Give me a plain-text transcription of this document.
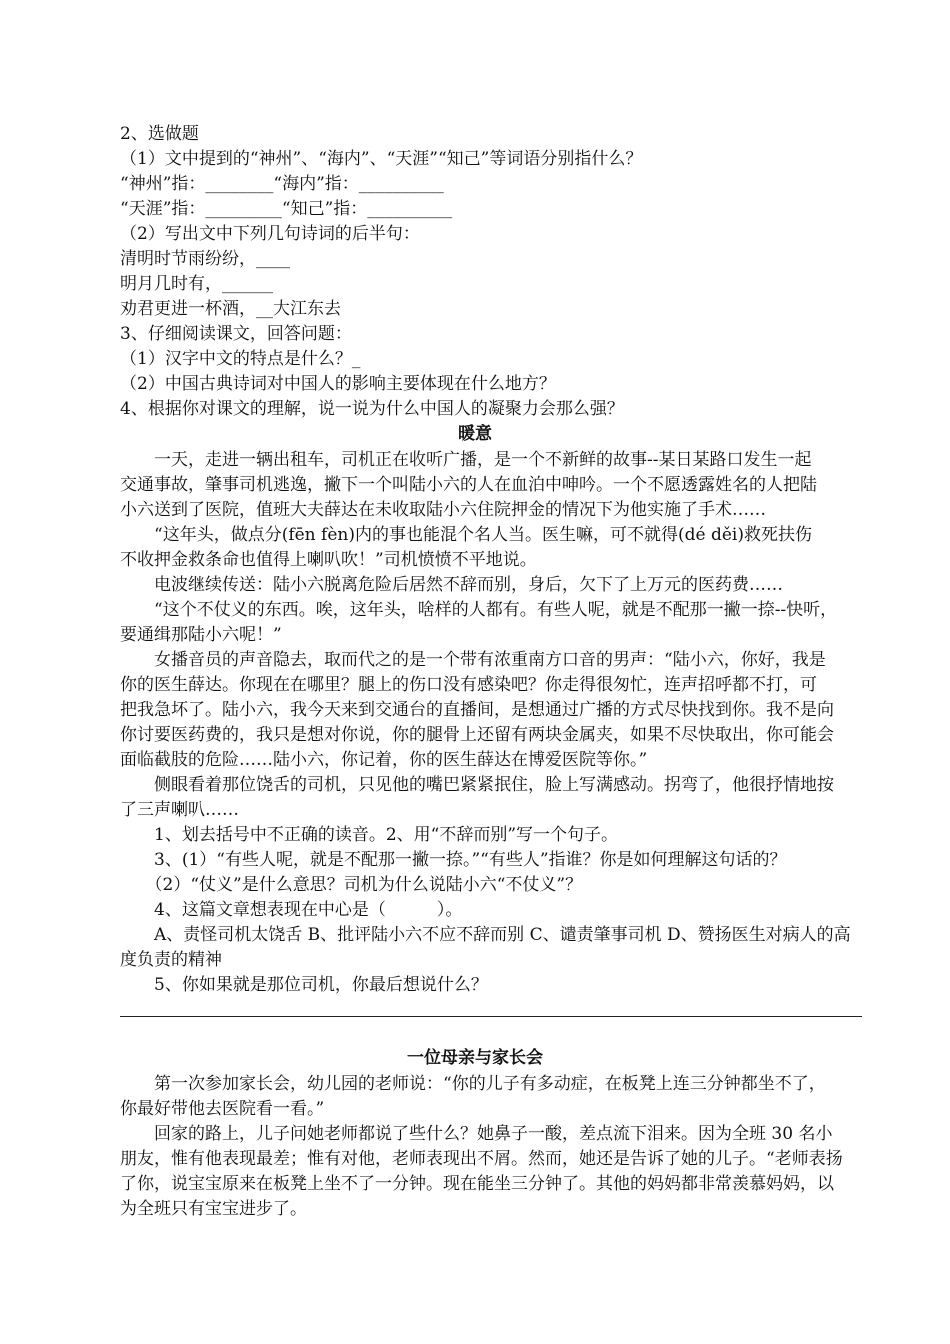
2、选做题
（1）文中提到的“神州”、“海内”、“天涯”“知己”等词语分别指什么？
“神州”指：________“海内”指：__________
“天涯”指：_________“知己”指：__________
（2）写出文中下列几句诗词的后半句：
清明时节雨纷纷，____
明月几时有，______
劝君更进一杯酒，__大江东去
3、仔细阅读课文，回答问题：
（1）汉字中文的特点是什么？_
（2）中国古典诗词对中国人的影响主要体现在什么地方？
4、根据你对课文的理解，说一说为什么中国人的凝聚力会那么强？
暖意
　　一天，走进一辆出租车，司机正在收听广播，是一个不新鲜的故事--某日某路口发生一起
交通事故，肇事司机逃逸，撇下一个叫陆小六的人在血泊中呻吟。一个不愿透露姓名的人把陆
小六送到了医院，值班大夫薛达在未收取陆小六住院押金的情况下为他实施了手术……
　　“这年头，做点分(fēn fèn)内的事也能混个名人当。医生嘛，可不就得(dé děi)救死扶伤
不收押金救条命也值得上喇叭吹！”司机愤愤不平地说。
　　电波继续传送：陆小六脱离危险后居然不辞而别，身后，欠下了上万元的医药费……
　　“这个不仗义的东西。唉，这年头，啥样的人都有。有些人呢，就是不配那一撇一捺--快听，
要通缉那陆小六呢！”
　　女播音员的声音隐去，取而代之的是一个带有浓重南方口音的男声：“陆小六，你好，我是
你的医生薛达。你现在在哪里？腿上的伤口没有感染吧？你走得很匆忙，连声招呼都不打，可
把我急坏了。陆小六，我今天来到交通台的直播间，是想通过广播的方式尽快找到你。我不是向
你讨要医药费的，我只是想对你说，你的腿骨上还留有两块金属夹，如果不尽快取出，你可能会
面临截肢的危险……陆小六，你记着，你的医生薛达在博爱医院等你。”
　　侧眼看着那位饶舌的司机，只见他的嘴巴紧紧抿住，脸上写满感动。拐弯了，他很抒情地按
了三声喇叭……
　　1、划去括号中不正确的读音。2、用“不辞而别”写一个句子。
　　3、(1）“有些人呢，就是不配那一撇一捺。”“有些人”指谁？你是如何理解这句话的？
　　（2）“仗义”是什么意思？司机为什么说陆小六“不仗义”？
　　4、这篇文章想表现在中心是（　　　）。
　　A、责怪司机太饶舌 B、批评陆小六不应不辞而别 C、谴责肇事司机 D、赞扬医生对病人的高
度负责的精神
　　5、你如果就是那位司机，你最后想说什么？
一位母亲与家长会
　　第一次参加家长会，幼儿园的老师说：“你的儿子有多动症，在板凳上连三分钟都坐不了，
你最好带他去医院看一看。”
　　回家的路上，儿子问她老师都说了些什么？她鼻子一酸，差点流下泪来。因为全班 30 名小
朋友，惟有他表现最差；惟有对他，老师表现出不屑。然而，她还是告诉了她的儿子。“老师表扬
了你，说宝宝原来在板凳上坐不了一分钟。现在能坐三分钟了。其他的妈妈都非常羡慕妈妈，以
为全班只有宝宝进步了。
